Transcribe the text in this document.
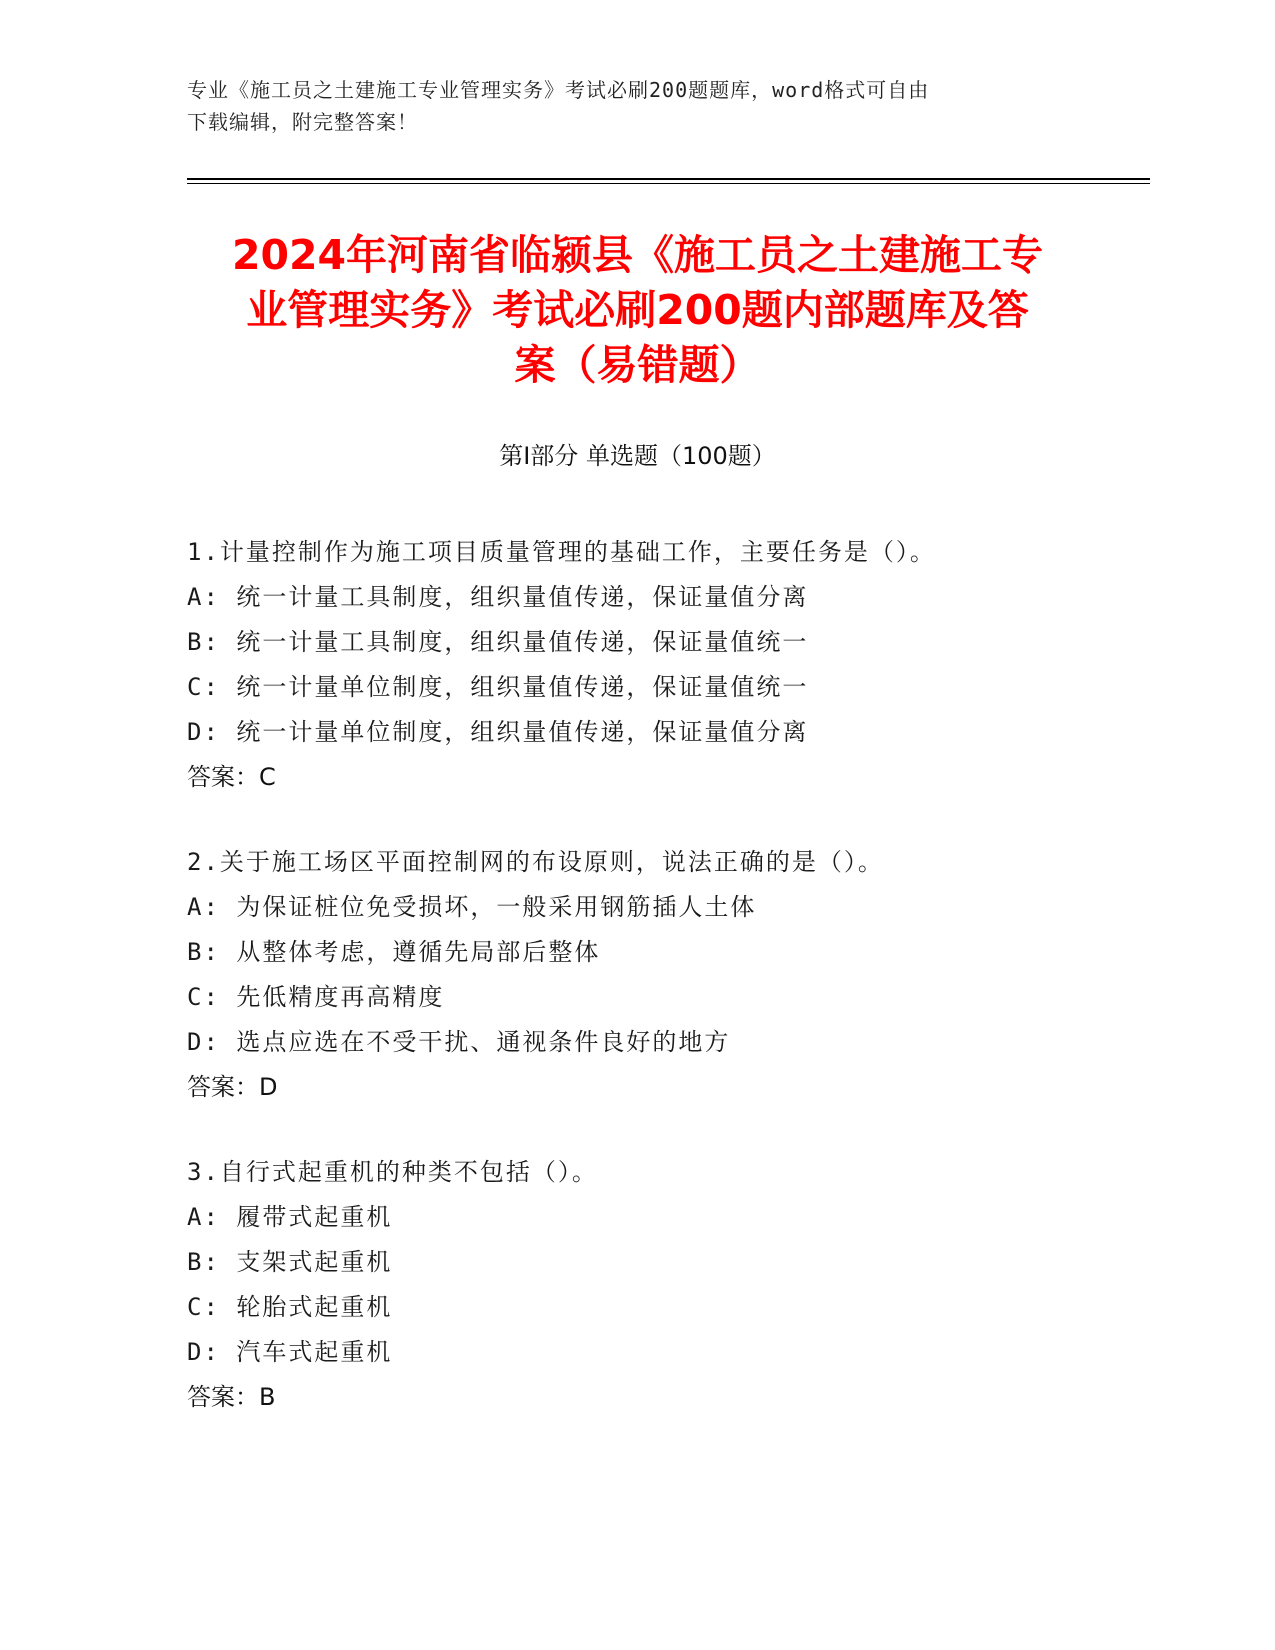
专业《施工员之土建施工专业管理实务》考试必刷200题题库，word格式可自由
下载编辑，附完整答案！
2024年河南省临颍县《施工员之土建施工专
业管理实务》考试必刷200题内部题库及答
案（易错题）
第Ⅰ部分 单选题（100题）
1.计量控制作为施工项目质量管理的基础工作，主要任务是（）。
A: 统一计量工具制度，组织量值传递，保证量值分离
B: 统一计量工具制度，组织量值传递，保证量值统一
C: 统一计量单位制度，组织量值传递，保证量值统一
D: 统一计量单位制度，组织量值传递，保证量值分离
答案：C
2.关于施工场区平面控制网的布设原则，说法正确的是（）。
A: 为保证桩位免受损坏，一般采用钢筋插人土体
B: 从整体考虑，遵循先局部后整体
C: 先低精度再高精度
D: 选点应选在不受干扰、通视条件良好的地方
答案：D
3.自行式起重机的种类不包括（）。
A: 履带式起重机
B: 支架式起重机
C: 轮胎式起重机
D: 汽车式起重机
答案：B
